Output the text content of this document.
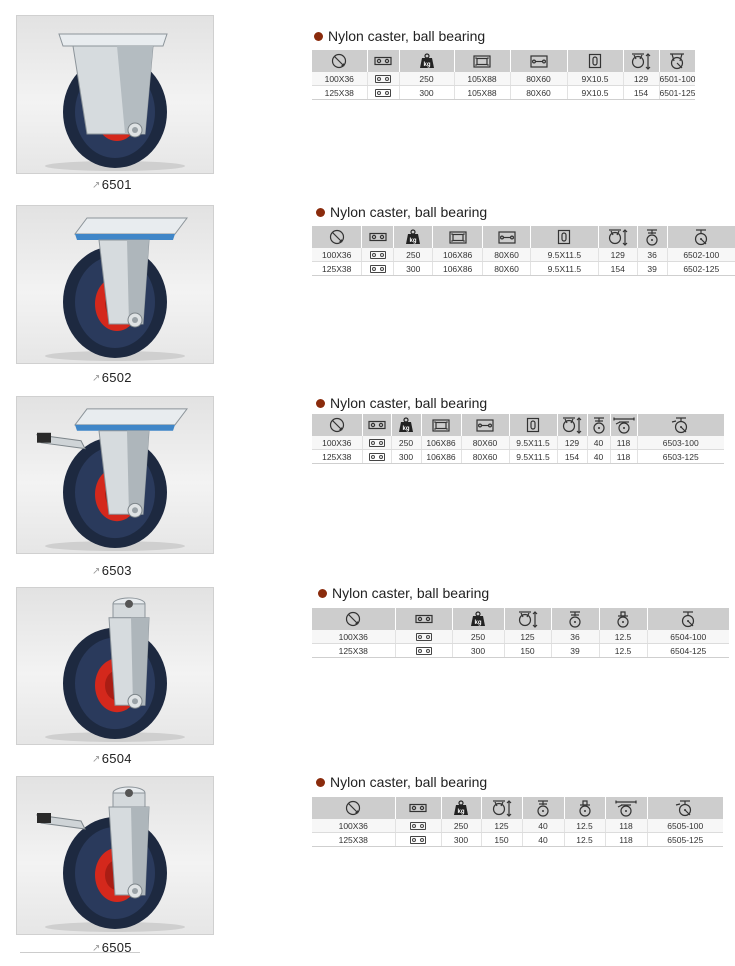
↗6501
Nylon caster, ball bearing

kg

100X36		250	105X88	80X60	9X10.5	129	6501-100
125X38		300	105X88	80X60	9X10.5	154	6501-125
↗6502
Nylon caster, ball bearing

kg

100X36		250	106X86	80X60	9.5X11.5	129	36	6502-100
125X38		300	106X86	80X60	9.5X11.5	154	39	6502-125
↗6503
Nylon caster, ball bearing

kg

100X36		250	106X86	80X60	9.5X11.5	129	40	118	6503-100
125X38		300	106X86	80X60	9.5X11.5	154	40	118	6503-125
↗6504
Nylon caster, ball bearing

kg

100X36		250	125	36	12.5	6504-100
125X38		300	150	39	12.5	6504-125
↗6505
Nylon caster, ball bearing

kg

100X36		250	125	40	12.5	118	6505-100
125X38		300	150	40	12.5	118	6505-125
